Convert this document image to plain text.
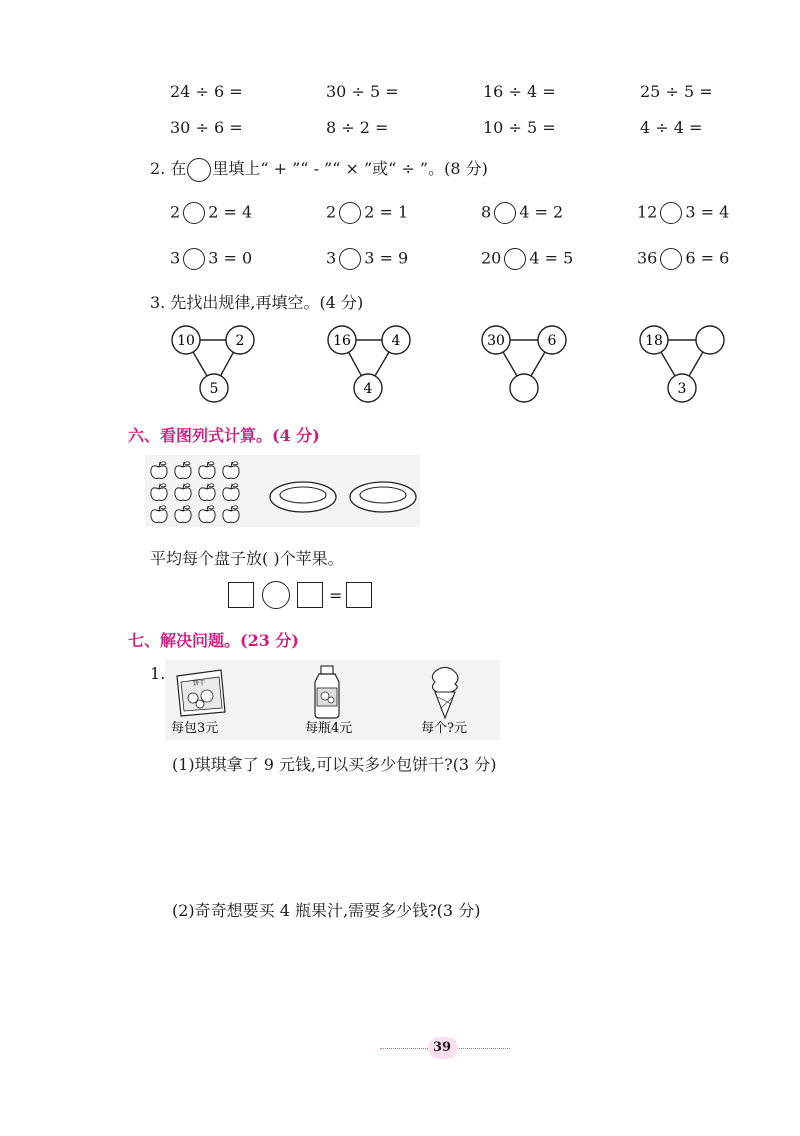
24 ÷ 6 =	30 ÷ 5 =	16 ÷ 4 =	25 ÷ 5 =
30 ÷ 6 =	8 ÷ 2 =	10 ÷ 5 =	4 ÷ 4 =
2. 在 里填上“ + ”“ - ”“ × ”或“ ÷ ”。(8 分)
2 2 = 4	2 2 = 1	8 4 = 2	12 3 = 4
3 3 = 0	3 3 = 9	20 4 = 5	36 6 = 6
3. 先找出规律,再填空。(4 分)
10	2
5
16	4
4
30	6	18
3
六、看图列式计算。(4 分)
平均每个盘子放( )个苹果。
=
七、解决问题。(23 分)
1.
饼干
每包3元	每瓶4元	每个?元
(1)琪琪拿了 9 元钱,可以买多少包饼干?(3 分)
(2)奇奇想要买 4 瓶果汁,需要多少钱?(3 分)
39
